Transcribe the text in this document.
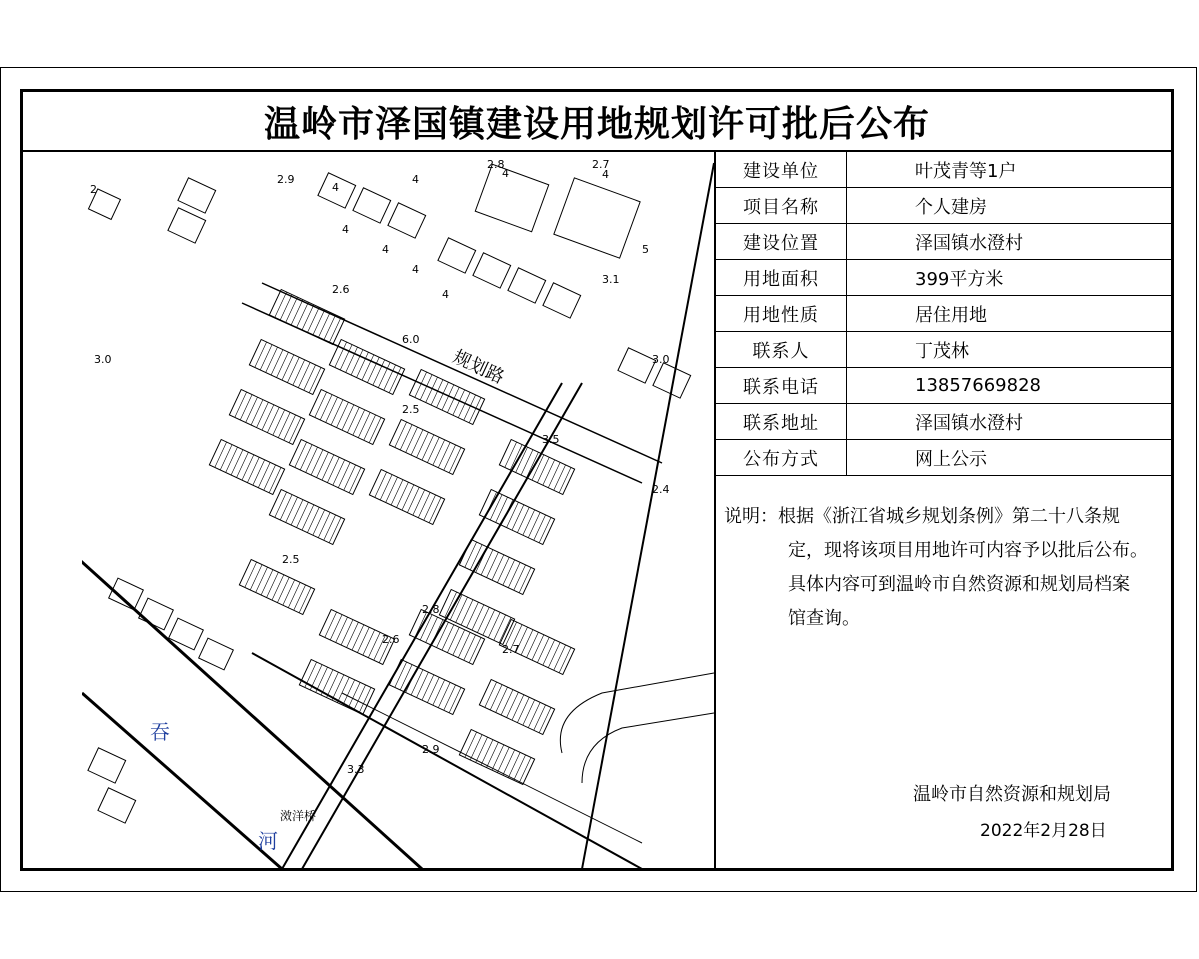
温岭市泽国镇建设用地规划许可批后公布
规划路
滧洋桥
吞
河
2	4
4	4	4
5
4
4
4
4
2.9
2.8	2.7
3.0
2.6
2.5
2.4
3.5
2.8
2.9
2.5
2.6
3.3
2.7
3.0
3.1
6.0
建设单位	叶茂青等1户
项目名称	个人建房
建设位置	泽国镇水澄村
用地面积	399平方米
用地性质	居住用地
联系人	丁茂林
联系电话	13857669828
联系地址	泽国镇水澄村
公布方式	网上公示
说明：根据《浙江省城乡规划条例》第二十八条规
定，现将该项目用地许可内容予以批后公布。
具体内容可到温岭市自然资源和规划局档案
馆查询。
温岭市自然资源和规划局
2022年2月28日
